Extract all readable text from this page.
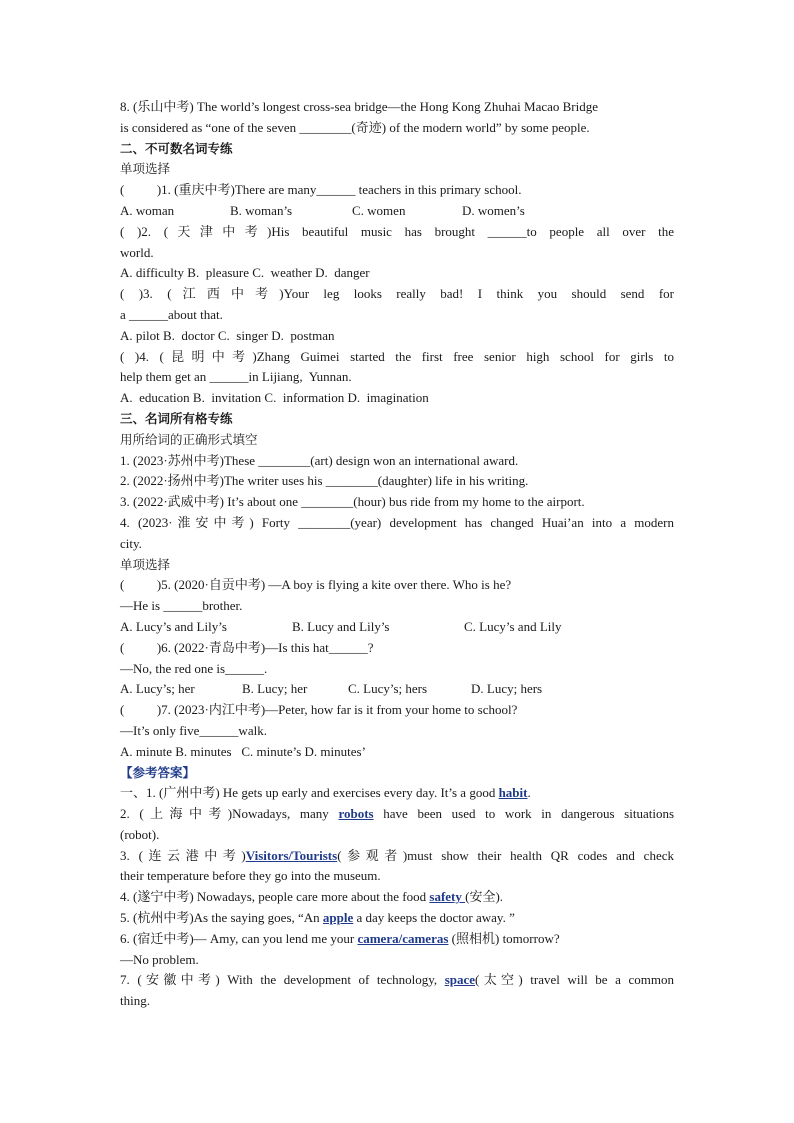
8. (乐山中考) The world’s longest cross-sea bridge—the Hong Kong Zhuhai Macao Bridge
is considered as “one of the seven ________(奇迹) of the modern world” by some people.
二、不可数名词专练
单项选择
(          )1. (重庆中考)There are many______ teachers in this primary school.
A. woman	B. woman’s	C. women	D. women’s
( )2. (天津中考)His beautiful music has brought ______to people all over the
world.
A. difficulty B.  pleasure C.  weather D.  danger
( )3. (江西中考)Your leg looks really bad! I think you should send for
a ______about that.
A. pilot B.  doctor C.  singer D.  postman
( )4. (昆明中考)Zhang Guimei started the first free senior high school for girls to
help them get an ______in Lijiang,  Yunnan.
A.  education B.  invitation C.  information D.  imagination
三、名词所有格专练
用所给词的正确形式填空
1. (2023·苏州中考)These ________(art) design won an international award.
2. (2022·扬州中考)The writer uses his ________(daughter) life in his writing.
3. (2022·武威中考) It’s about one ________(hour) bus ride from my home to the airport.
4. (2023·淮安中考) Forty ________(year) development has changed Huai’an into a modern
city.
单项选择
(          )5. (2020·自贡中考) —A boy is flying a kite over there. Who is he?
—He is ______brother.
A. Lucy’s and Lily’s	B. Lucy and Lily’s	C. Lucy’s and Lily
(          )6. (2022·青岛中考)—Is this hat______?
—No, the red one is______.
A. Lucy’s; her	B. Lucy; her	C. Lucy’s; hers	D. Lucy; hers
(          )7. (2023·内江中考)—Peter, how far is it from your home to school?
—It’s only five______walk.
A. minute B. minutes   C. minute’s D. minutes’
【参考答案】
一、1. (广州中考) He gets up early and exercises every day. It’s a good habit.
2. (上海中考)Nowadays, many robots have been used to work in dangerous situations
(robot).
3. (连云港中考)Visitors/Tourists(参观者)must show their health QR codes and check
their temperature before they go into the museum.
4. (遂宁中考) Nowadays, people care more about the food safety (安全).
5. (杭州中考)As the saying goes, “An apple a day keeps the doctor away. ”
6. (宿迁中考)— Amy, can you lend me your camera/cameras (照相机) tomorrow?
—No problem.
7. (安徽中考) With the development of technology, space(太空) travel will be a common
thing.
